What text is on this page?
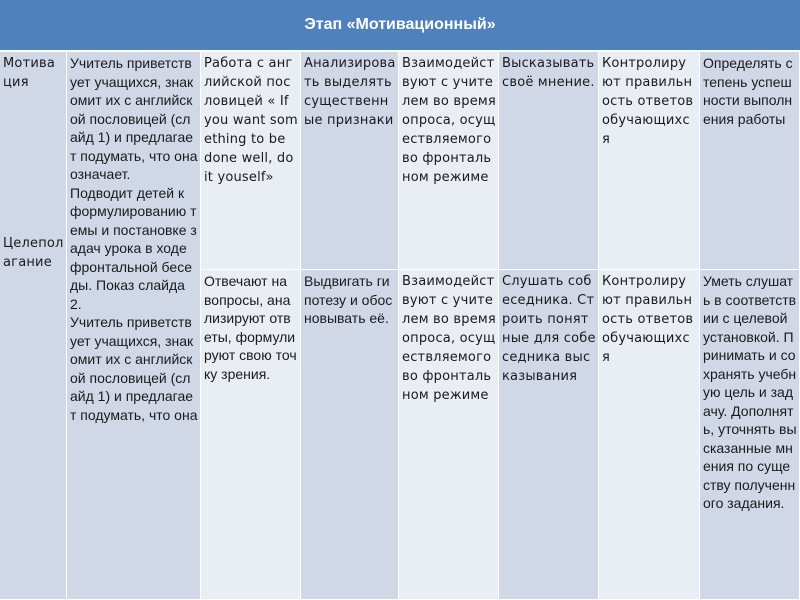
Этап «Мотивационный»
Мотивация
Целеполагание
Учитель приветствует учащихся, знакомит их с английской пословицей (слайд 1) и предлагает подумать, что она означает.
Подводит детей к формулированию темы и постановке задач урока в ходе фронтальной беседы. Показ слайда 2.
Учитель приветствует учащихся, знакомит их с английской пословицей (слайд 1) и предлагает подумать, что она
Работа с английской пословицей « If you want something to be done well, do it youself»
Отвечают на вопросы, анализируют ответы, формулируют свою точку зрения.
Анализировать выделять существенные признаки
Выдвигать гипотезу и обосновывать её.
Взаимодействуют с учителем во время опроса, осуществляемого во фронтальном режиме
Взаимодействуют с учителем во время опроса, осуществляемого во фронтальном режиме
Высказывать своё мнение.
Слушать собеседника. Строить понятные для собеседника высказывания
Контролируют правильность ответов обучающихся
Контролируют правильность ответов обучающихся
Определять степень успешности выполнения работы
Уметь слушать в соответствии с целевой установкой. Принимать и сохранять учебную цель и задачу. Дополнять, уточнять высказанные мнения по существу полученного задания.
